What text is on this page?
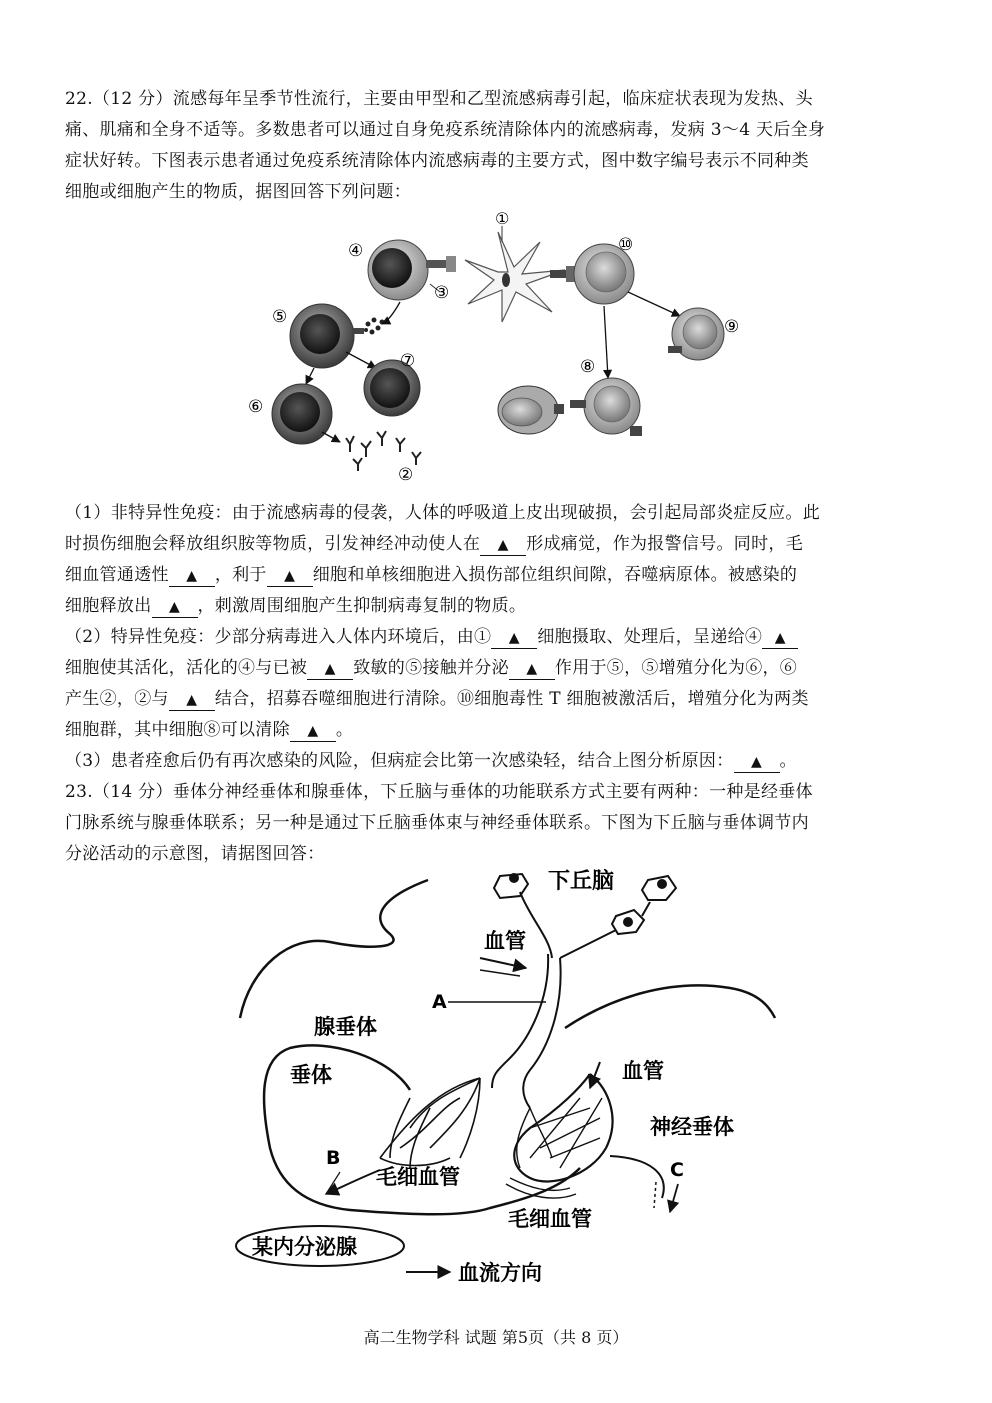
22.（12 分）流感每年呈季节性流行，主要由甲型和乙型流感病毒引起，临床症状表现为发热、头
痛、肌痛和全身不适等。多数患者可以通过自身免疫系统清除体内的流感病毒，发病 3～4 天后全身
症状好转。下图表示患者通过免疫系统清除体内流感病毒的主要方式，图中数字编号表示不同种类
细胞或细胞产生的物质，据图回答下列问题：
①
②
③
④
⑤
⑥
⑦	⑧
⑨
⑩
（1）非特异性免疫：由于流感病毒的侵袭，人体的呼吸道上皮出现破损，会引起局部炎症反应。此
时损伤细胞会释放组织胺等物质，引发神经冲动使人在 ▲ 形成痛觉，作为报警信号。同时，毛
细血管通透性 ▲ ，利于 ▲ 细胞和单核细胞进入损伤部位组织间隙，吞噬病原体。被感染的
细胞释放出 ▲ ，刺激周围细胞产生抑制病毒复制的物质。
（2）特异性免疫：少部分病毒进入人体内环境后，由① ▲ 细胞摄取、处理后，呈递给④ ▲
细胞使其活化，活化的④与已被 ▲ 致敏的⑤接触并分泌 ▲ 作用于⑤，⑤增殖分化为⑥，⑥
产生②，②与 ▲ 结合，招募吞噬细胞进行清除。⑩细胞毒性 T 细胞被激活后，增殖分化为两类
细胞群，其中细胞⑧可以清除 ▲ 。
（3）患者痊愈后仍有再次感染的风险，但病症会比第一次感染轻，结合上图分析原因： ▲ 。
23.（14 分）垂体分神经垂体和腺垂体，下丘脑与垂体的功能联系方式主要有两种：一种是经垂体
门脉系统与腺垂体联系；另一种是通过下丘脑垂体束与神经垂体联系。下图为下丘脑与垂体调节内
分泌活动的示意图，请据图回答：
下丘脑
血管
A
腺垂体
垂体	血管
神经垂体
B
毛细血管	C
毛细血管
某内分泌腺
血流方向
高二生物学科 试题 第5页（共 8 页）
